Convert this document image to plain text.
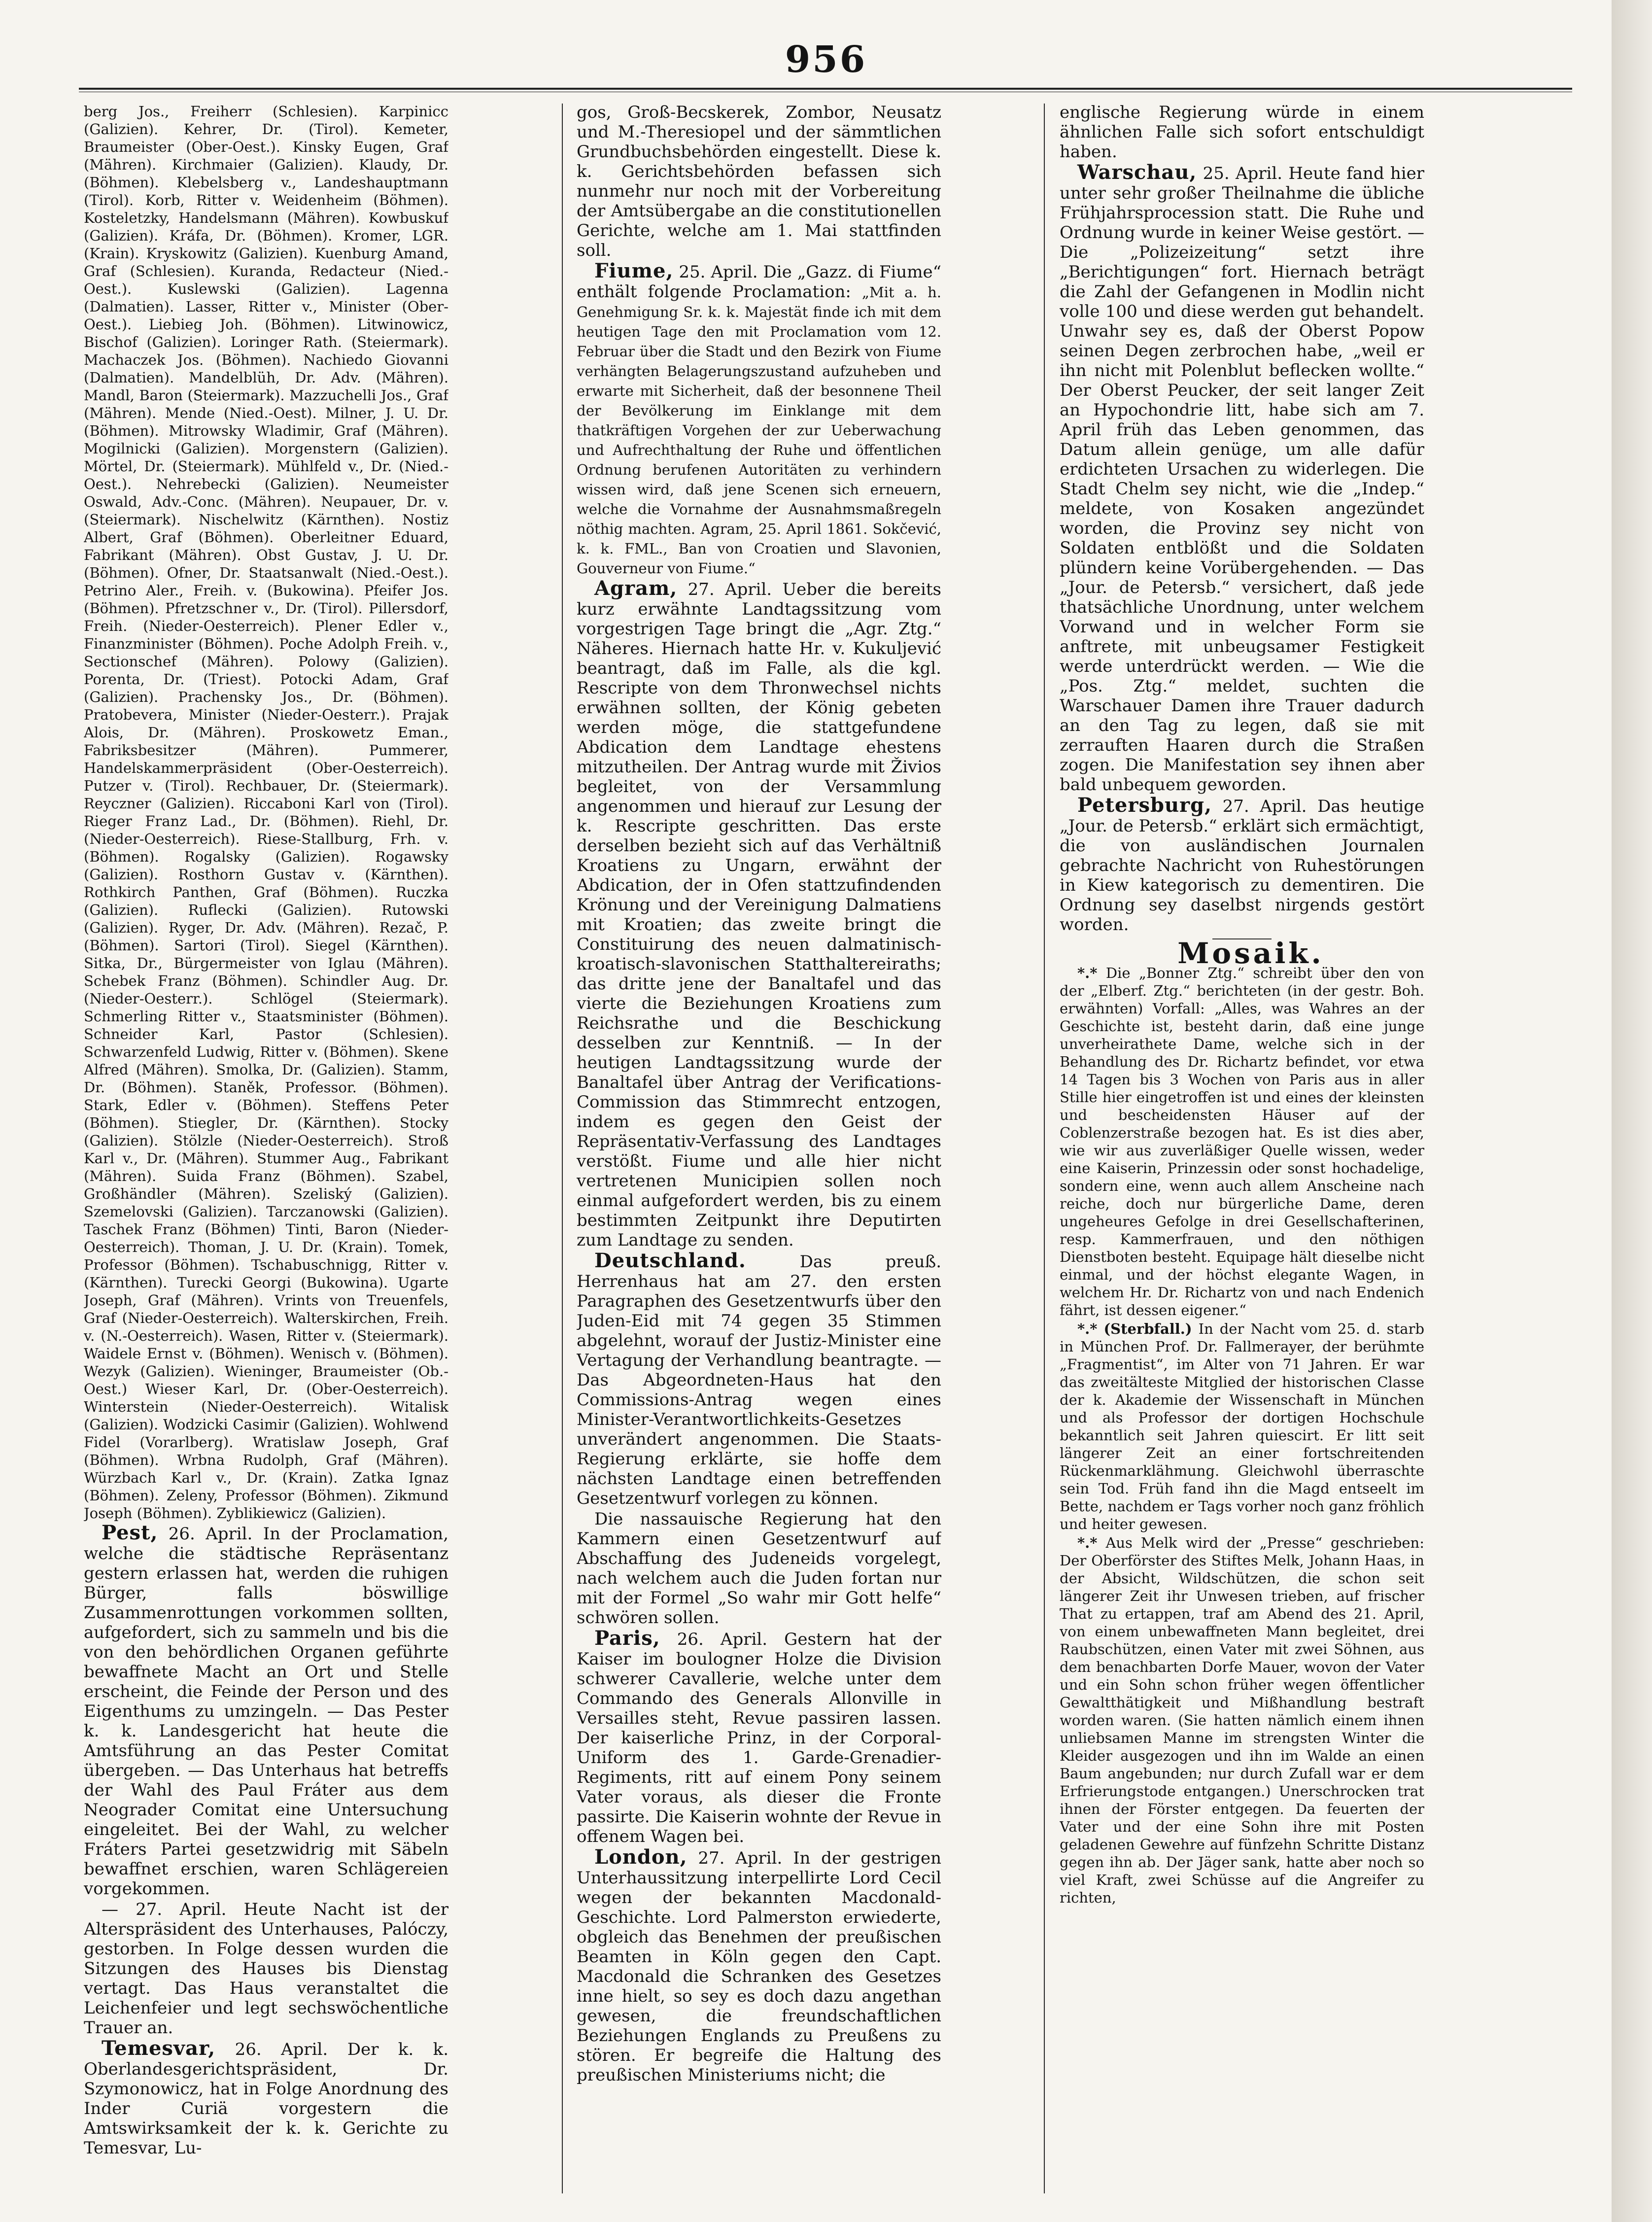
956

berg Jos., Freiherr (Schlesien). Karpinicc (Galizien). Kehrer, Dr. (Tirol). Kemeter, Braumeister (Ober-Oest.). Kinsky Eugen, Graf (Mähren). Kirchmaier (Galizien). Klaudy, Dr. (Böhmen). Klebelsberg v., Landeshauptmann (Tirol). Korb, Ritter v. Weidenheim (Böhmen). Kosteletzky, Handelsmann (Mähren). Kowbuskuf (Galizien). Kráfa, Dr. (Böhmen). Kromer, LGR. (Krain). Kryskowitz (Galizien). Kuenburg Amand, Graf (Schlesien). Kuranda, Redacteur (Nied.-Oest.). Kuslewski (Galizien). Lagenna (Dalmatien). Lasser, Ritter v., Minister (Ober-Oest.). Liebieg Joh. (Böhmen). Litwinowicz, Bischof (Galizien). Loringer Rath. (Steiermark). Machaczek Jos. (Böhmen). Nachiedo Giovanni (Dalmatien). Mandelblüh, Dr. Adv. (Mähren). Mandl, Baron (Steiermark). Mazzuchelli Jos., Graf (Mähren). Mende (Nied.-Oest). Milner, J. U. Dr. (Böhmen). Mitrowsky Wladimir, Graf (Mähren). Mogilnicki (Galizien). Morgenstern (Galizien). Mörtel, Dr. (Steiermark). Mühlfeld v., Dr. (Nied.-Oest.). Nehrebecki (Galizien). Neumeister Oswald, Adv.-Conc. (Mähren). Neupauer, Dr. v. (Steiermark). Nischelwitz (Kärnthen). Nostiz Albert, Graf (Böhmen). Oberleitner Eduard, Fabrikant (Mähren). Obst Gustav, J. U. Dr. (Böhmen). Ofner, Dr. Staatsanwalt (Nied.-Oest.). Petrino Aler., Freih. v. (Bukowina). Pfeifer Jos. (Böhmen). Pfretzschner v., Dr. (Tirol). Pillersdorf, Freih. (Nieder-Oesterreich). Plener Edler v., Finanzminister (Böhmen). Poche Adolph Freih. v., Sectionschef (Mähren). Polowy (Galizien). Porenta, Dr. (Triest). Potocki Adam, Graf (Galizien). Prachensky Jos., Dr. (Böhmen). Pratobevera, Minister (Nieder-Oesterr.). Prajak Alois, Dr. (Mähren). Proskowetz Eman., Fabriksbesitzer (Mähren). Pummerer, Handelskammerpräsident (Ober-Oesterreich). Putzer v. (Tirol). Rechbauer, Dr. (Steiermark). Reyczner (Galizien). Riccaboni Karl von (Tirol). Rieger Franz Lad., Dr. (Böhmen). Riehl, Dr. (Nieder-Oesterreich). Riese-Stallburg, Frh. v. (Böhmen). Rogalsky (Galizien). Rogawsky (Galizien). Rosthorn Gustav v. (Kärnthen). Rothkirch Panthen, Graf (Böhmen). Ruczka (Galizien). Ruflecki (Galizien). Rutowski (Galizien). Ryger, Dr. Adv. (Mähren). Rezač, P. (Böhmen). Sartori (Tirol). Siegel (Kärnthen). Sitka, Dr., Bürgermeister von Iglau (Mähren). Schebek Franz (Böhmen). Schindler Aug. Dr. (Nieder-Oesterr.). Schlögel (Steiermark). Schmerling Ritter v., Staatsminister (Böhmen). Schneider Karl, Pastor (Schlesien). Schwarzenfeld Ludwig, Ritter v. (Böhmen). Skene Alfred (Mähren). Smolka, Dr. (Galizien). Stamm, Dr. (Böhmen). Staněk, Professor. (Böhmen). Stark, Edler v. (Böhmen). Steffens Peter (Böhmen). Stiegler, Dr. (Kärnthen). Stocky (Galizien). Stölzle (Nieder-Oesterreich). Stroß Karl v., Dr. (Mähren). Stummer Aug., Fabrikant (Mähren). Suida Franz (Böhmen). Szabel, Großhändler (Mähren). Szeliský (Galizien). Szemelovski (Galizien). Tarczanowski (Galizien). Taschek Franz (Böhmen) Tinti, Baron (Nieder-Oesterreich). Thoman, J. U. Dr. (Krain). Tomek, Professor (Böhmen). Tschabuschnigg, Ritter v. (Kärnthen). Turecki Georgi (Bukowina). Ugarte Joseph, Graf (Mähren). Vrints von Treuenfels, Graf (Nieder-Oesterreich). Walterskirchen, Freih. v. (N.-Oesterreich). Wasen, Ritter v. (Steiermark). Waidele Ernst v. (Böhmen). Wenisch v. (Böhmen). Wezyk (Galizien). Wieninger, Braumeister (Ob.-Oest.) Wieser Karl, Dr. (Ober-Oesterreich). Winterstein (Nieder-Oesterreich). Witalisk (Galizien). Wodzicki Casimir (Galizien). Wohlwend Fidel (Vorarlberg). Wratislaw Joseph, Graf (Böhmen). Wrbna Rudolph, Graf (Mähren). Würzbach Karl v., Dr. (Krain). Zatka Ignaz (Böhmen). Zeleny, Professor (Böhmen). Zikmund Joseph (Böhmen). Zyblikiewicz (Galizien).

Pest, 26. April. In der Proclamation, welche die städtische Repräsentanz gestern erlassen hat, werden die ruhigen Bürger, falls böswillige Zusammenrottungen vorkommen sollten, aufgefordert, sich zu sammeln und bis die von den behördlichen Organen geführte bewaffnete Macht an Ort und Stelle erscheint, die Feinde der Person und des Eigenthums zu umzingeln. — Das Pester k. k. Landesgericht hat heute die Amtsführung an das Pester Comitat übergeben. — Das Unterhaus hat betreffs der Wahl des Paul Fráter aus dem Neograder Comitat eine Untersuchung eingeleitet. Bei der Wahl, zu welcher Fráters Partei gesetzwidrig mit Säbeln bewaffnet erschien, waren Schlägereien vorgekommen.

— 27. April. Heute Nacht ist der Alterspräsident des Unterhauses, Palóczy, gestorben. In Folge dessen wurden die Sitzungen des Hauses bis Dienstag vertagt. Das Haus veranstaltet die Leichenfeier und legt sechswöchentliche Trauer an.

Temesvar, 26. April. Der k. k. Oberlandesgerichtspräsident, Dr. Szymonowicz, hat in Folge Anordnung des Inder Curiä vorgestern die Amtswirksamkeit der k. k. Gerichte zu Temesvar, Lu-

gos, Groß-Becskerek, Zombor, Neusatz und M.-Theresiopel und der sämmtlichen Grundbuchsbehörden eingestellt. Diese k. k. Gerichtsbehörden befassen sich nunmehr nur noch mit der Vorbereitung der Amtsübergabe an die constitutionellen Gerichte, welche am 1. Mai stattfinden soll.

Fiume, 25. April. Die „Gazz. di Fiume“ enthält folgende Proclamation: „Mit a. h. Genehmigung Sr. k. k. Majestät finde ich mit dem heutigen Tage den mit Proclamation vom 12. Februar über die Stadt und den Bezirk von Fiume verhängten Belagerungszustand aufzuheben und erwarte mit Sicherheit, daß der besonnene Theil der Bevölkerung im Einklange mit dem thatkräftigen Vorgehen der zur Ueberwachung und Aufrechthaltung der Ruhe und öffentlichen Ordnung berufenen Autoritäten zu verhindern wissen wird, daß jene Scenen sich erneuern, welche die Vornahme der Ausnahmsmaßregeln nöthig machten. Agram, 25. April 1861. Sokčević, k. k. FML., Ban von Croatien und Slavonien, Gouverneur von Fiume.“

Agram, 27. April. Ueber die bereits kurz erwähnte Landtagssitzung vom vorgestrigen Tage bringt die „Agr. Ztg.“ Näheres. Hiernach hatte Hr. v. Kukuljević beantragt, daß im Falle, als die kgl. Rescripte von dem Thronwechsel nichts erwähnen sollten, der König gebeten werden möge, die stattgefundene Abdication dem Landtage ehestens mitzutheilen. Der Antrag wurde mit Živios begleitet, von der Versammlung angenommen und hierauf zur Lesung der k. Rescripte geschritten. Das erste derselben bezieht sich auf das Verhältniß Kroatiens zu Ungarn, erwähnt der Abdication, der in Ofen stattzufindenden Krönung und der Vereinigung Dalmatiens mit Kroatien; das zweite bringt die Constituirung des neuen dalmatinisch-kroatisch-slavonischen Statthaltereiraths; das dritte jene der Banaltafel und das vierte die Beziehungen Kroatiens zum Reichsrathe und die Beschickung desselben zur Kenntniß. — In der heutigen Landtagssitzung wurde der Banaltafel über Antrag der Verifications-Commission das Stimmrecht entzogen, indem es gegen den Geist der Repräsentativ-Verfassung des Landtages verstößt. Fiume und alle hier nicht vertretenen Municipien sollen noch einmal aufgefordert werden, bis zu einem bestimmten Zeitpunkt ihre Deputirten zum Landtage zu senden.

Deutschland.	Das preuß. Herrenhaus hat am 27. den ersten Paragraphen des Gesetzentwurfs über den Juden-Eid mit 74 gegen 35 Stimmen abgelehnt, worauf der Justiz-Minister eine Vertagung der Verhandlung beantragte. — Das Abgeordneten-Haus hat den Commissions-Antrag wegen eines Minister-Verantwortlichkeits-Gesetzes unverändert angenommen. Die Staats-Regierung erklärte, sie hoffe dem nächsten Landtage einen betreffenden Gesetzentwurf vorlegen zu können.

Die nassauische Regierung hat den Kammern einen Gesetzentwurf auf Abschaffung des Judeneids vorgelegt, nach welchem auch die Juden fortan nur mit der Formel „So wahr mir Gott helfe“ schwören sollen.

Paris, 26. April. Gestern hat der Kaiser im boulogner Holze die Division schwerer Cavallerie, welche unter dem Commando des Generals Allonville in Versailles steht, Revue passiren lassen. Der kaiserliche Prinz, in der Corporal-Uniform des 1. Garde-Grenadier-Regiments, ritt auf einem Pony seinem Vater voraus, als dieser die Fronte passirte. Die Kaiserin wohnte der Revue in offenem Wagen bei.

London, 27. April. In der gestrigen Unterhaussitzung interpellirte Lord Cecil wegen der bekannten Macdonald-Geschichte. Lord Palmerston erwiederte, obgleich das Benehmen der preußischen Beamten in Köln gegen den Capt. Macdonald die Schranken des Gesetzes inne hielt, so sey es doch dazu angethan gewesen, die freundschaftlichen Beziehungen Englands zu Preußens zu stören. Er begreife die Haltung des preußischen Ministeriums nicht; die

englische Regierung würde in einem ähnlichen Falle sich sofort entschuldigt haben.

Warschau, 25. April. Heute fand hier unter sehr großer Theilnahme die übliche Frühjahrsprocession statt. Die Ruhe und Ordnung wurde in keiner Weise gestört. — Die „Polizeizeitung“ setzt ihre „Berichtigungen“ fort. Hiernach beträgt die Zahl der Gefangenen in Modlin nicht volle 100 und diese werden gut behandelt. Unwahr sey es, daß der Oberst Popow seinen Degen zerbrochen habe, „weil er ihn nicht mit Polenblut beflecken wollte.“ Der Oberst Peucker, der seit langer Zeit an Hypochondrie litt, habe sich am 7. April früh das Leben genommen, das Datum allein genüge, um alle dafür erdichteten Ursachen zu widerlegen. Die Stadt Chelm sey nicht, wie die „Indep.“ meldete, von Kosaken angezündet worden, die Provinz sey nicht von Soldaten entblößt und die Soldaten plündern keine Vorübergehenden. — Das „Jour. de Petersb.“ versichert, daß jede thatsächliche Unordnung, unter welchem Vorwand und in welcher Form sie anftrete, mit unbeugsamer Festigkeit werde unterdrückt werden. — Wie die „Pos. Ztg.“ meldet, suchten die Warschauer Damen ihre Trauer dadurch an den Tag zu legen, daß sie mit zerrauften Haaren durch die Straßen zogen. Die Manifestation sey ihnen aber bald unbequem geworden.

Petersburg, 27. April. Das heutige „Jour. de Petersb.“ erklärt sich ermächtigt, die von ausländischen Journalen gebrachte Nachricht von Ruhestörungen in Kiew kategorisch zu dementiren. Die Ordnung sey daselbst nirgends gestört worden.

Mosaik.

*.* Die „Bonner Ztg.“ schreibt über den von der „Elberf. Ztg.“ berichteten (in der gestr. Boh. erwähnten) Vorfall: „Alles, was Wahres an der Geschichte ist, besteht darin, daß eine junge unverheirathete Dame, welche sich in der Behandlung des Dr. Richartz befindet, vor etwa 14 Tagen bis 3 Wochen von Paris aus in aller Stille hier eingetroffen ist und eines der kleinsten und bescheidensten Häuser auf der Coblenzerstraße bezogen hat. Es ist dies aber, wie wir aus zuverläßiger Quelle wissen, weder eine Kaiserin, Prinzessin oder sonst hochadelige, sondern eine, wenn auch allem Anscheine nach reiche, doch nur bürgerliche Dame, deren ungeheures Gefolge in drei Gesellschafterinen, resp. Kammerfrauen, und den nöthigen Dienstboten besteht. Equipage hält dieselbe nicht einmal, und der höchst elegante Wagen, in welchem Hr. Dr. Richartz von und nach Endenich fährt, ist dessen eigener.“

*.* (Sterbfall.) In der Nacht vom 25. d. starb in München Prof. Dr. Fallmerayer, der berühmte „Fragmentist“, im Alter von 71 Jahren. Er war das zweitälteste Mitglied der historischen Classe der k. Akademie der Wissenschaft in München und als Professor der dortigen Hochschule bekanntlich seit Jahren quiescirt. Er litt seit längerer Zeit an einer fortschreitenden Rückenmarklähmung. Gleichwohl überraschte sein Tod. Früh fand ihn die Magd entseelt im Bette, nachdem er Tags vorher noch ganz fröhlich und heiter gewesen.

*.* Aus Melk wird der „Presse“ geschrieben: Der Oberförster des Stiftes Melk, Johann Haas, in der Absicht, Wildschützen, die schon seit längerer Zeit ihr Unwesen trieben, auf frischer That zu ertappen, traf am Abend des 21. April, von einem unbewaffneten Mann begleitet, drei Raubschützen, einen Vater mit zwei Söhnen, aus dem benachbarten Dorfe Mauer, wovon der Vater und ein Sohn schon früher wegen öffentlicher Gewaltthätigkeit und Mißhandlung bestraft worden waren. (Sie hatten nämlich einem ihnen unliebsamen Manne im strengsten Winter die Kleider ausgezogen und ihn im Walde an einen Baum angebunden; nur durch Zufall war er dem Erfrierungstode entgangen.) Unerschrocken trat ihnen der Förster entgegen. Da feuerten der Vater und der eine Sohn ihre mit Posten geladenen Gewehre auf fünfzehn Schritte Distanz gegen ihn ab. Der Jäger sank, hatte aber noch so viel Kraft, zwei Schüsse auf die Angreifer zu richten,
